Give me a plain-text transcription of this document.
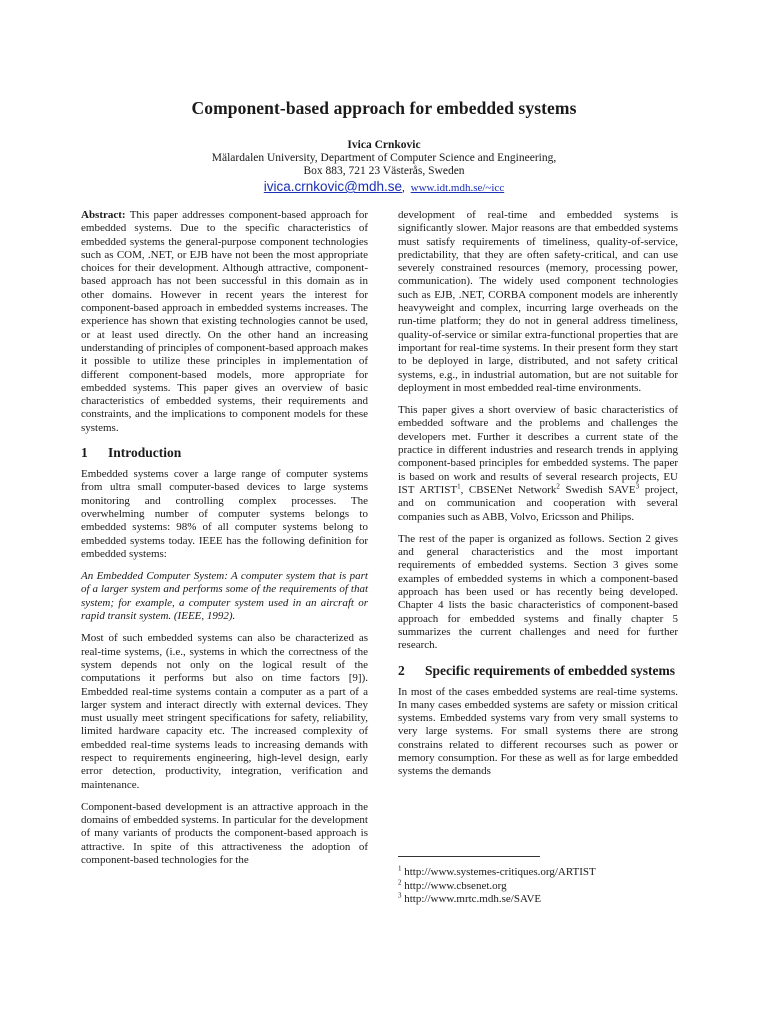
Component-based approach for embedded systems
Ivica Crnkovic
Mälardalen University, Department of Computer Science and Engineering,
Box 883, 721 23 Västerås, Sweden
ivica.crnkovic@mdh.se, www.idt.mdh.se/~icc

Abstract: This paper addresses component-based approach for embedded systems. Due to the specific characteristics of embedded systems the general-purpose component technologies such as COM, .NET, or EJB have not been the most appropriate choices for their development. Although attractive, component-based approach has not been successful in this domain as in other domains. However in recent years the interest for component-based approach in embedded systems increases. The experience has shown that existing technologies cannot be used, or at least used directly. On the other hand an increasing understanding of principles of component-based approach makes it possible to utilize these principles in implementation of different component-based models, more appropriate for embedded systems. This paper gives an overview of basic characteristics of embedded systems, their requirements and constraints, and the implications to component models for these systems.

1	Introduction

Embedded systems cover a large range of computer systems from ultra small computer-based devices to large systems monitoring and controlling complex processes. The overwhelming number of computer systems belongs to embedded systems: 98% of all computer systems belong to embedded systems today. IEEE has the following definition for embedded systems:

An Embedded Computer System: A computer system that is part of a larger system and performs some of the requirements of that system; for example, a computer system used in an aircraft or rapid transit system. (IEEE, 1992).

Most of such embedded systems can also be characterized as real-time systems, (i.e., systems in which the correctness of the system depends not only on the logical result of the computations it performs but also on time factors [9]). Embedded real-time systems contain a computer as a part of a larger system and interact directly with external devices. They must usually meet stringent specifications for safety, reliability, limited hardware capacity etc. The increased complexity of embedded real-time systems leads to increasing demands with respect to requirements engineering, high-level design, early error detection, productivity, integration, verification and maintenance.

Component-based development is an attractive approach in the domains of embedded systems. In particular for the development of many variants of products the component-based approach is attractive. In spite of this attractiveness the adoption of component-based technologies for the

development of real-time and embedded systems is significantly slower. Major reasons are that embedded systems must satisfy requirements of timeliness, quality-of-service, predictability, that they are often safety-critical, and can use severely constrained resources (memory, processing power, communication). The widely used component technologies such as EJB, .NET, CORBA component models are inherently heavyweight and complex, incurring large overheads on the run-time platform; they do not in general address timeliness, quality-of-service or similar extra-functional properties that are important for real-time systems. In their present form they start to be deployed in large, distributed, and not safety critical systems, e.g., in industrial automation, but are not suitable for deployment in most embedded real-time environments.

This paper gives a short overview of basic characteristics of embedded software and the problems and challenges the developers met. Further it describes a current state of the practice in different industries and research trends in applying component-based principles for embedded systems. The paper is based on work and results of several research projects, EU IST ARTIST$^1$, CBSENet Network$^2$ Swedish SAVE$^3$ project, and on communication and cooperation with several companies such as ABB, Volvo, Ericsson and Philips.

The rest of the paper is organized as follows. Section 2 gives and general characteristics and the most important requirements of embedded systems. Section 3 gives some examples of embedded systems in which a component-based approach has been used or has recently being developed. Chapter 4 lists the basic characteristics of component-based approach for embedded systems and finally chapter 5 summarizes the current challenges and need for further research.

2	Specific requirements of embedded systems

In most of the cases embedded systems are real-time systems. In many cases embedded systems are safety or mission critical systems. Embedded systems vary from very small systems to very large systems. For small systems there are strong constrains related to different recourses such as power or memory consumption. For these as well as for large embedded systems the demands

$^1$ http://www.systemes-critiques.org/ARTIST
$^2$ http://www.cbsenet.org
$^3$ http://www.mrtc.mdh.se/SAVE
